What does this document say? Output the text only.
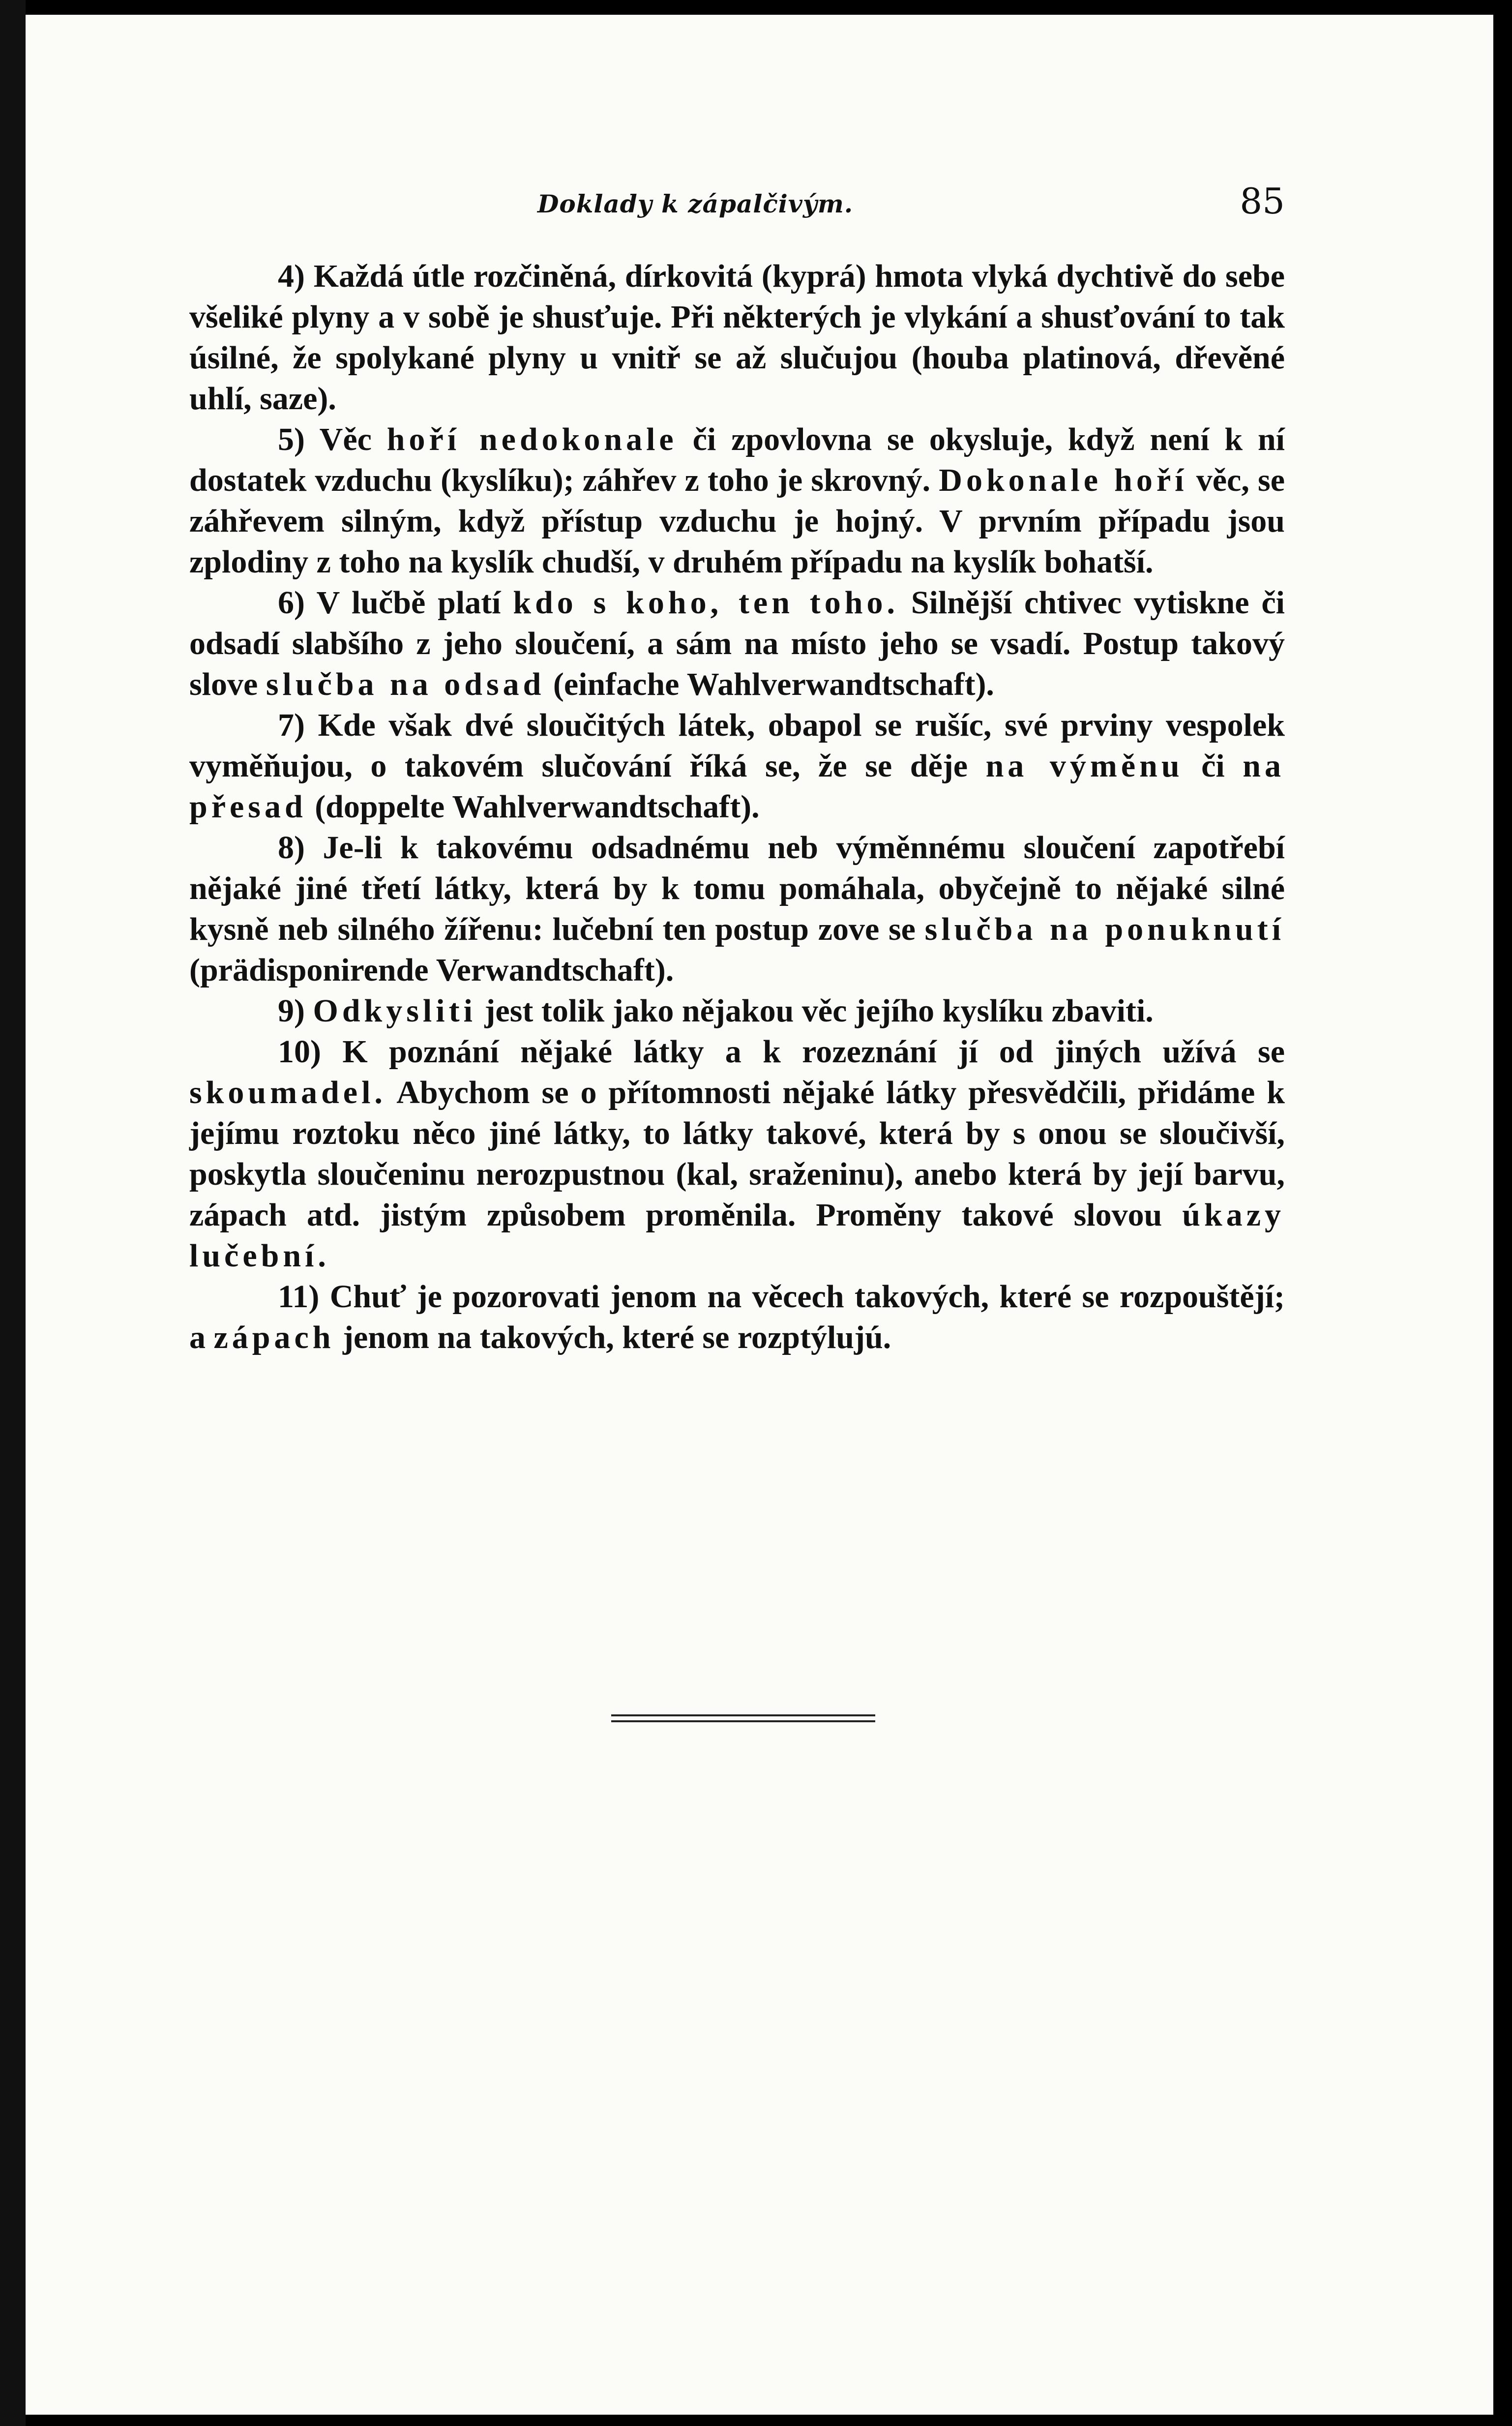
Doklady k zápalčivým.	85

4) Každá útle rozčiněná, dírkovitá (kyprá) hmota vlyká dychtivě do sebe všeliké plyny a v sobě je shusťuje. Při některých je vlykání a shusťování to tak úsilné, že spolykané plyny u vnitř se až slučujou (houba platinová, dřevěné uhlí, saze).

5) Věc hoří nedokonale či zpovlovna se okysluje, když není k ní dostatek vzduchu (kyslíku); záhřev z toho je skrovný. Dokonale hoří věc, se záhřevem silným, když přístup vzduchu je hojný. V prvním případu jsou zplodiny z toho na kyslík chudší, v druhém případu na kyslík bohatší.

6) V lučbě platí kdo s koho, ten toho. Silnější chtivec vytiskne či odsadí slabšího z jeho sloučení, a sám na místo jeho se vsadí. Postup takový slove slučba na odsad (einfache Wahlverwandtschaft).

7) Kde však dvé sloučitých látek, obapol se rušíc, své prviny vespolek vyměňujou, o takovém slučování říká se, že se děje na výměnu či na přesad (doppelte Wahlverwandtschaft).

8) Je-li k takovému odsadnému neb výměnnému sloučení zapotřebí nějaké jiné třetí látky, která by k tomu pomáhala, obyčejně to nějaké silné kysně neb silného žířenu: lučební ten postup zove se slučba na ponuknutí (prädisponirende Verwandtschaft).

9) Odkysliti jest tolik jako nějakou věc jejího kyslíku zbaviti.

10) K poznání nějaké látky a k rozeznání jí od jiných užívá se skoumadel. Abychom se o přítomnosti nějaké látky přesvědčili, přidáme k jejímu roztoku něco jiné látky, to látky takové, která by s onou se sloučivší, poskytla sloučeninu nerozpustnou (kal, sraženinu), anebo která by její barvu, zápach atd. jistým způsobem proměnila. Proměny takové slovou úkazy lučební.

11) Chuť je pozorovati jenom na věcech takových, které se rozpouštějí; a zápach jenom na takových, které se rozptýlujú.
